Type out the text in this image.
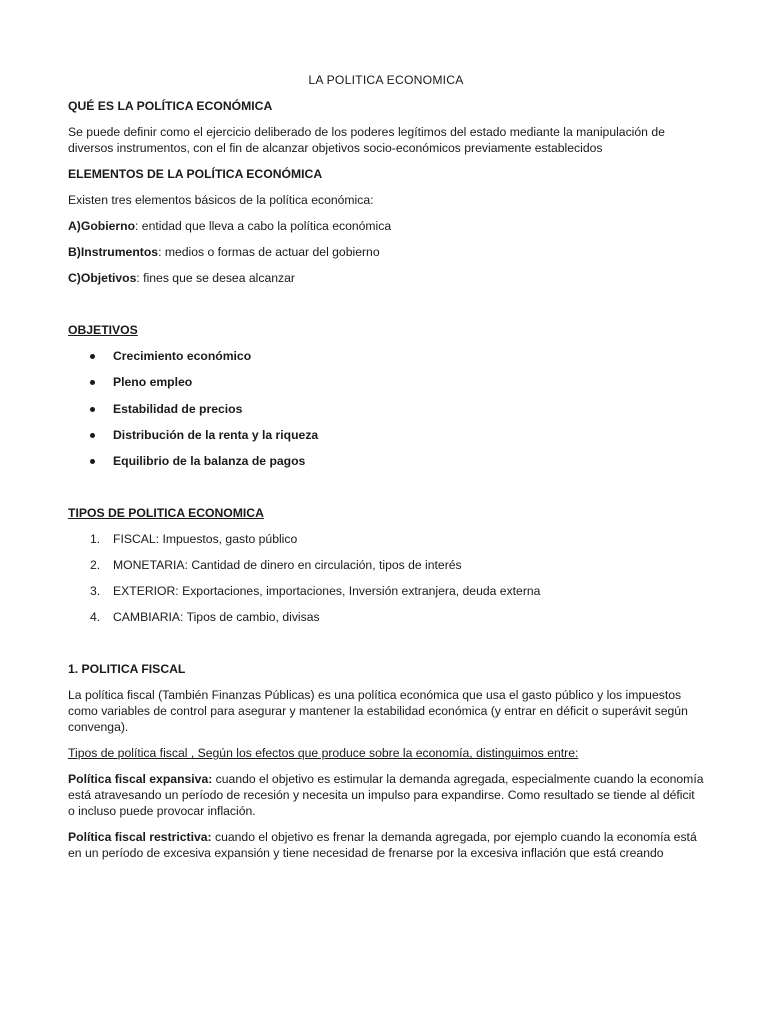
LA POLITICA ECONOMICA
QUÉ ES LA POLÍTICA ECONÓMICA

Se puede definir como el ejercicio deliberado de los poderes legítimos del estado mediante la manipulación de diversos instrumentos, con el fin de alcanzar objetivos socio-económicos previamente establecidos

ELEMENTOS DE LA POLÍTICA ECONÓMICA

Existen tres elementos básicos de la política económica:

A)Gobierno: entidad que lleva a cabo la política económica

B)Instrumentos: medios o formas de actuar del gobierno

C)Objetivos: fines que se desea alcanzar

OBJETIVOS
Crecimiento económico
Pleno empleo
Estabilidad de precios
Distribución de la renta y la riqueza
Equilibrio de la balanza de pagos
TIPOS DE POLITICA ECONOMICA
1. FISCAL: Impuestos, gasto público
2. MONETARIA: Cantidad de dinero en circulación, tipos de interés
3. EXTERIOR: Exportaciones, importaciones, Inversión extranjera, deuda externa
4. CAMBIARIA: Tipos de cambio, divisas
1. POLITICA FISCAL

La política fiscal (También Finanzas Públicas) es una política económica que usa el gasto público y los impuestos como variables de control para asegurar y mantener la estabilidad económica (y entrar en déficit o superávit según convenga).

Tipos de política fiscal , Según los efectos que produce sobre la economía, distinguimos entre:

Política fiscal expansiva: cuando el objetivo es estimular la demanda agregada, especialmente cuando la economía está atravesando un período de recesión y necesita un impulso para expandirse. Como resultado se tiende al déficit o incluso puede provocar inflación.

Política fiscal restrictiva: cuando el objetivo es frenar la demanda agregada, por ejemplo cuando la economía está en un período de excesiva expansión y tiene necesidad de frenarse por la excesiva inflación que está creando
